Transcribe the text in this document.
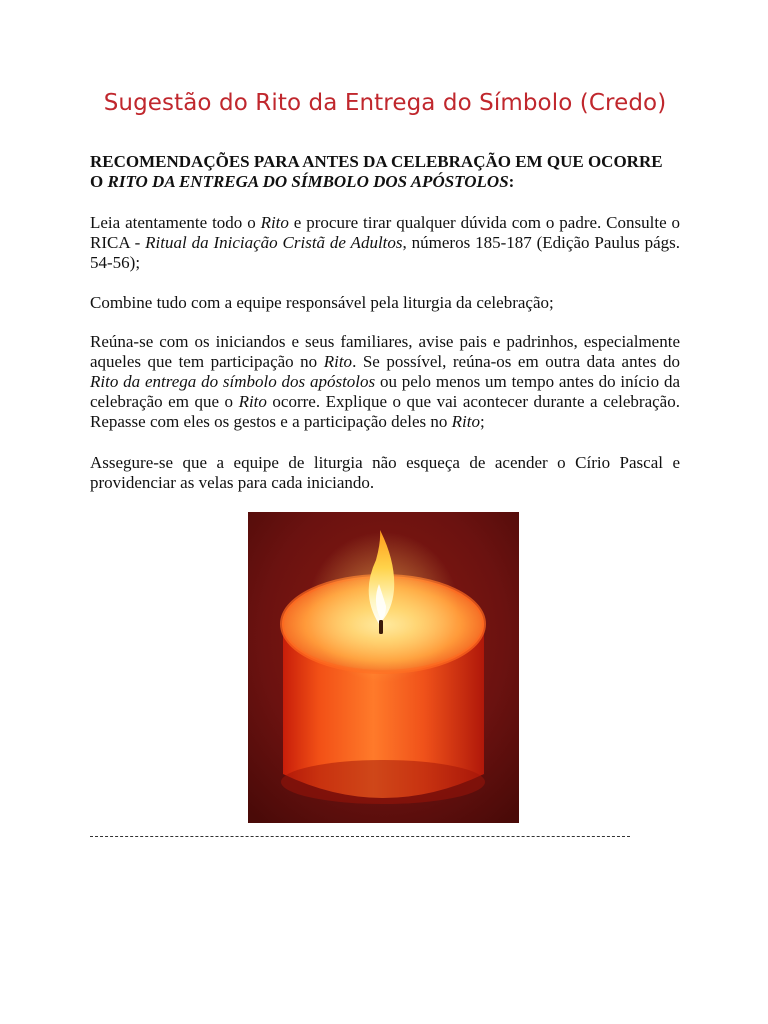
Sugestão do Rito da Entrega do Símbolo (Credo)

RECOMENDAÇÕES PARA ANTES DA CELEBRAÇÃO EM QUE OCORRE O RITO DA ENTREGA DO SÍMBOLO DOS APÓSTOLOS:

Leia atentamente todo o Rito e procure tirar qualquer dúvida com o padre. Consulte o RICA - Ritual da Iniciação Cristã de Adultos, números 185-187 (Edição Paulus págs. 54-56);

Combine tudo com a equipe responsável pela liturgia da celebração;

Reúna-se com os iniciandos e seus familiares, avise pais e padrinhos, especialmente aqueles que tem participação no Rito. Se possível, reúna-os em outra data antes do Rito da entrega do símbolo dos apóstolos ou pelo menos um tempo antes do início da celebração em que o Rito ocorre. Explique o que vai acontecer durante a celebração. Repasse com eles os gestos e a participação deles no Rito;

Assegure-se que a equipe de liturgia não esqueça de acender o Círio Pascal e providenciar as velas para cada iniciando.
